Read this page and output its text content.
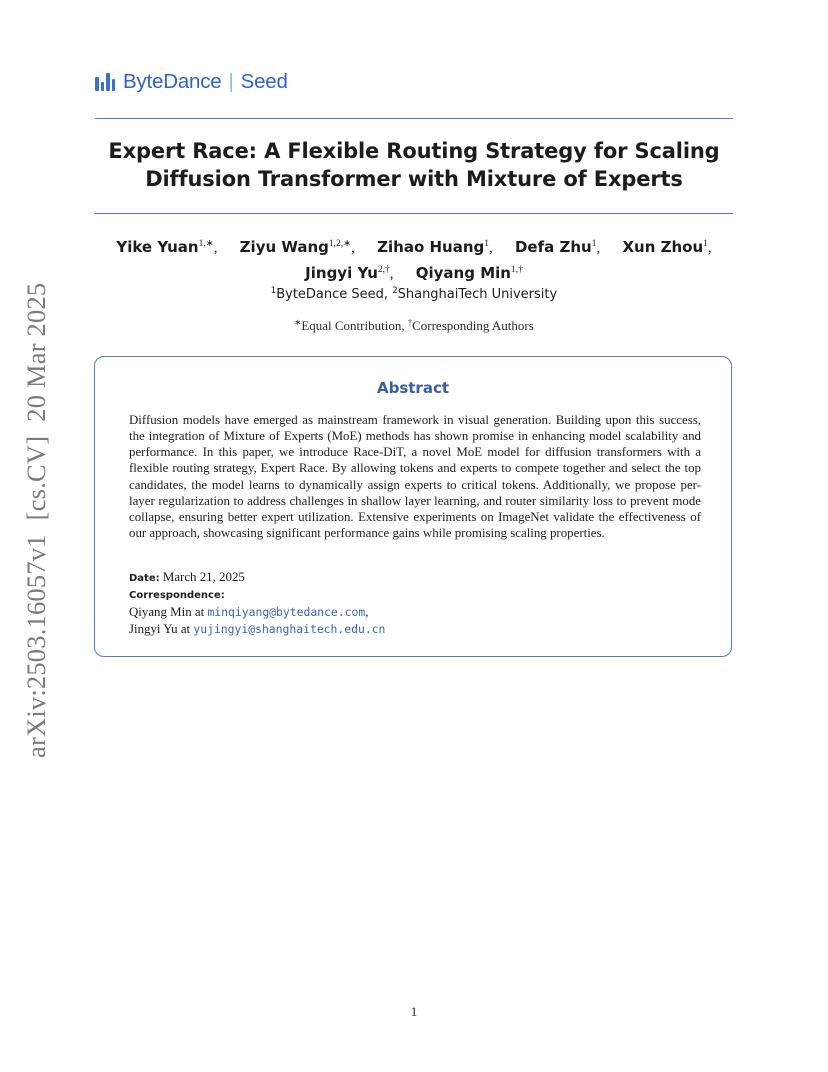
ByteDance | Seed
Expert Race: A Flexible Routing Strategy for Scaling
Diffusion Transformer with Mixture of Experts
Yike Yuan$^{1,∗}$, Ziyu Wang$^{1,2,∗}$, Zihao Huang$^1$, Defa Zhu$^1$, Xun Zhou$^1$,
Jingyi $Yu^{2,\dagger}$, Qiyang Min$^{1,\dagger}$
$^1$ByteDance Seed, $^2$ShanghaiTech University
∗Equal Contribution, †Corresponding Authors
Abstract
Diffusion models have emerged as mainstream framework in visual generation. Building upon this success, the integration of Mixture of Experts (MoE) methods has shown promise in enhancing model scalability and performance. In this paper, we introduce Race-DiT, a novel MoE model for diffusion transformers with a flexible routing strategy, Expert Race. By allowing tokens and experts to compete together and select the top candidates, the model learns to dynamically assign experts to critical tokens. Additionally, we propose per-layer regularization to address challenges in shallow layer learning, and router similarity loss to prevent mode collapse, ensuring better expert utilization. Extensive experiments on ImageNet validate the effectiveness of our approach, showcasing significant performance gains while promising scaling properties.
Date: March 21, 2025
Correspondence:
Qiyang Min at minqiyang@bytedance.com,
Jingyi Yu at yujingyi@shanghaitech.edu.cn
arXiv:2503.16057v1[cs.CV]20 Mar 2025
1
